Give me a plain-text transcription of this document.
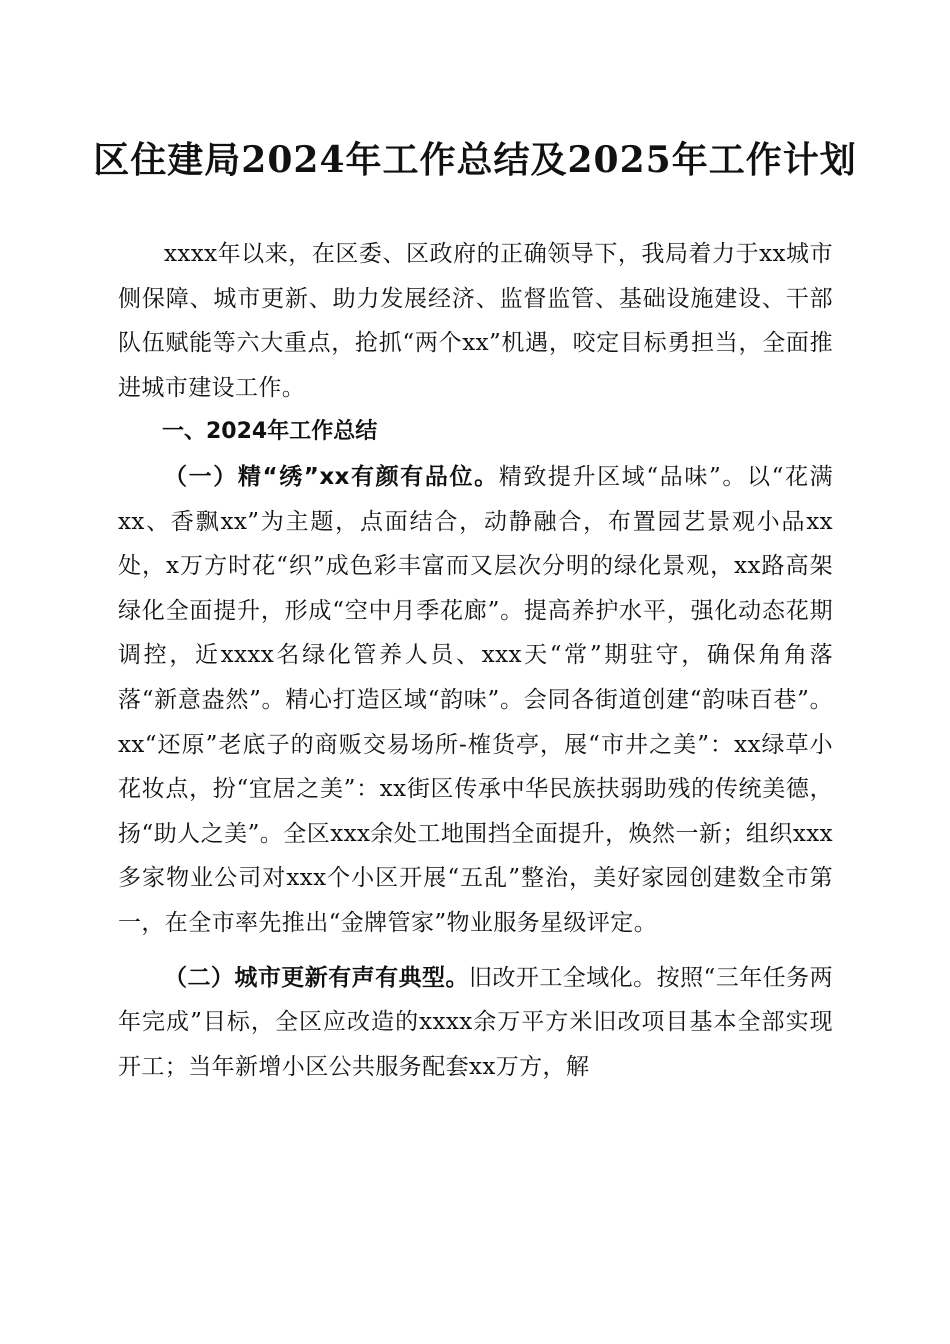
区住建局2024年工作总结及2025年工作计划

xxxx年以来，在区委、区政府的正确领导下，我局着力于xx城市侧保障、城市更新、助力发展经济、监督监管、基础设施建设、干部队伍赋能等六大重点，抢抓“两个xx”机遇，咬定目标勇担当，全面推进城市建设工作。

一、2024年工作总结

（一）精“绣”xx有颜有品位。精致提升区域“品味”。以“花满xx、香飘xx”为主题，点面结合，动静融合，布置园艺景观小品xx处，x万方时花“织”成色彩丰富而又层次分明的绿化景观，xx路高架绿化全面提升，形成“空中月季花廊”。提高养护水平，强化动态花期调控，近xxxx名绿化管养人员、xxx天“常”期驻守，确保角角落落“新意盎然”。精心打造区域“韵味”。会同各街道创建“韵味百巷”。xx“还原”老底子的商贩交易场所-榷货亭，展“市井之美”：xx绿草小花妆点，扮“宜居之美”：xx街区传承中华民族扶弱助残的传统美德，扬“助人之美”。全区xxx余处工地围挡全面提升，焕然一新；组织xxx多家物业公司对xxx个小区开展“五乱”整治，美好家园创建数全市第一，在全市率先推出“金牌管家”物业服务星级评定。

（二）城市更新有声有典型。旧改开工全域化。按照“三年任务两年完成”目标，全区应改造的xxxx余万平方米旧改项目基本全部实现开工；当年新增小区公共服务配套xx万方，解
